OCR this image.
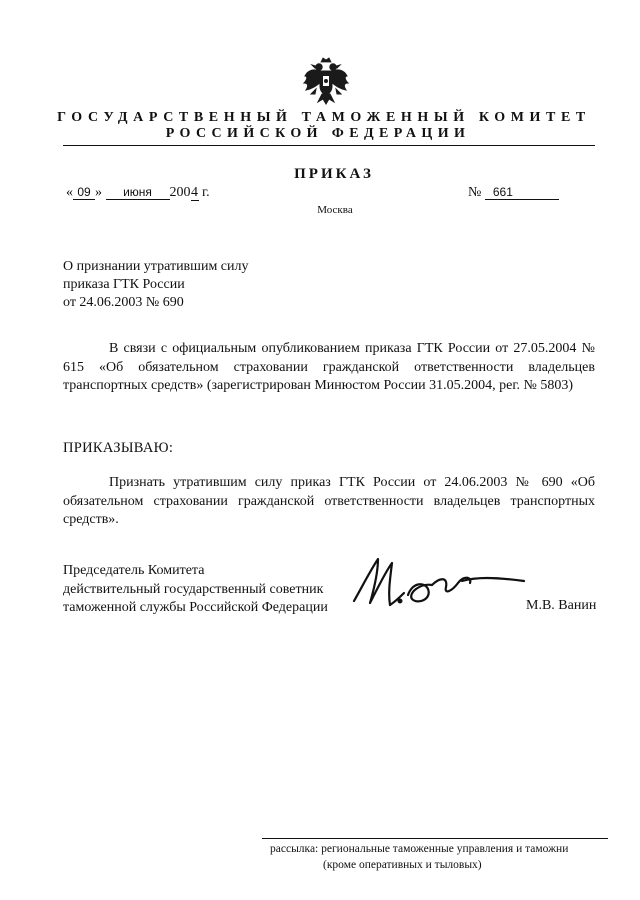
ГОСУДАРСТВЕННЫЙ ТАМОЖЕННЫЙ КОМИТЕТ
РОССИЙСКОЙ ФЕДЕРАЦИИ
ПРИКАЗ
« 09 » июня 2004 г.	№ 661
Москва
О признании утратившим силу
приказа ГТК России
от 24.06.2003 № 690
В связи с официальным опубликованием приказа ГТК России от 27.05.2004 № 615 «Об обязательном страховании гражданской ответственности владельцев транспортных средств» (зарегистрирован Минюстом России 31.05.2004, рег. № 5803)
ПРИКАЗЫВАЮ:
Признать утратившим силу приказ ГТК России от 24.06.2003 № 690 «Об обязательном страховании гражданской ответственности владельцев транспортных средств».
Председатель Комитета
действительный государственный советник
таможенной службы Российской Федерации	М.В. Ванин
рассылка: региональные таможенные управления и таможни
(кроме оперативных и тыловых)
